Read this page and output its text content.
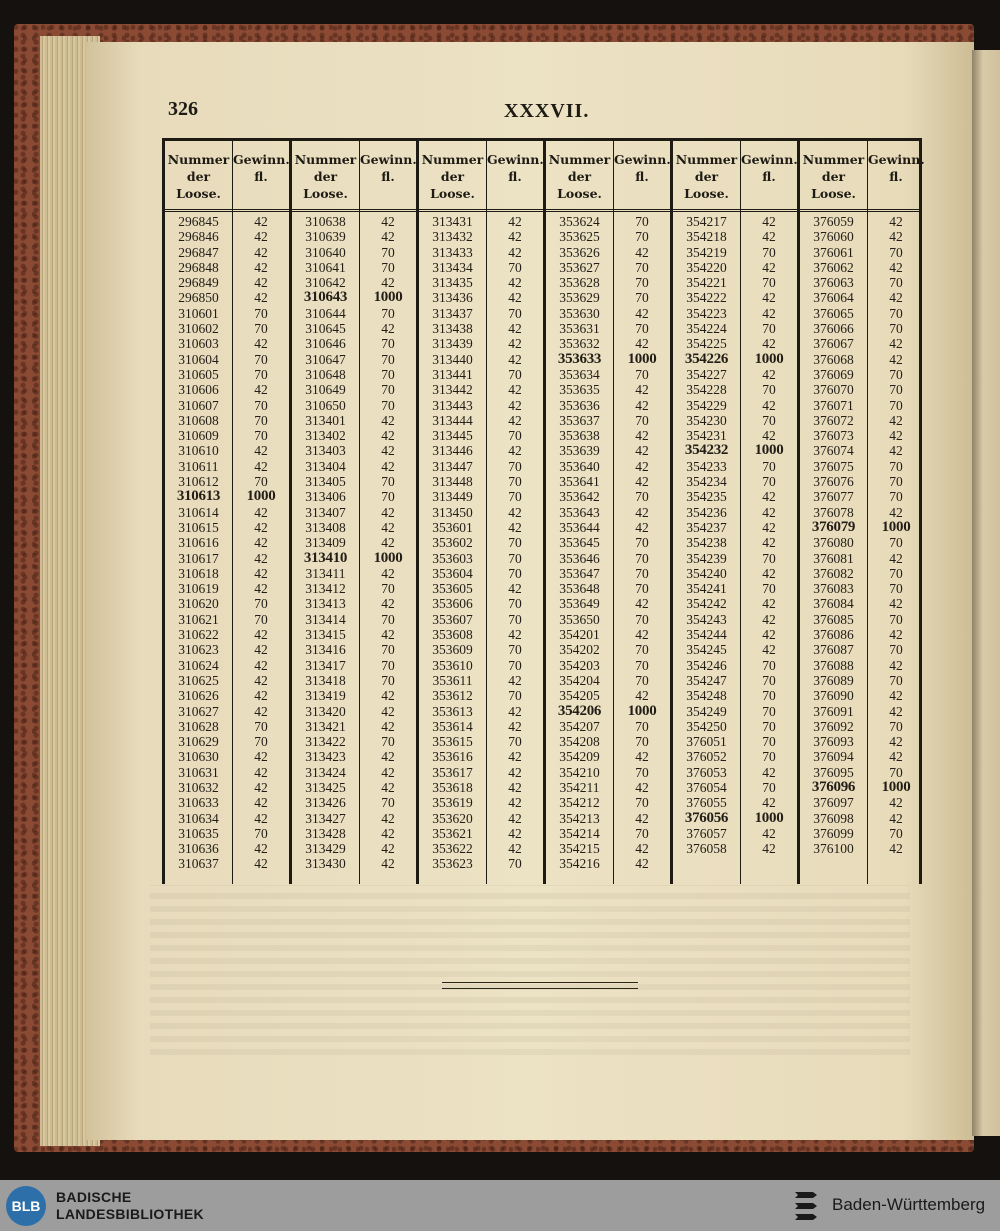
326	XXXVII.
Nummer
der Loose.
296845
296846
296847
296848
296849
296850
310601
310602
310603
310604
310605
310606
310607
310608
310609
310610
310611
310612
310613
310614
310615
310616
310617
310618
310619
310620
310621
310622
310623
310624
310625
310626
310627
310628
310629
310630
310631
310632
310633
310634
310635
310636
310637
Gewinn.
fl.
42
42
42
42
42
42
70
70
42
70
70
42
70
70
70
42
42
70
1000
42
42
42
42
42
42
70
70
42
42
42
42
42
42
70
70
42
42
42
42
42
70
42
42
Nummer
der Loose.
310638
310639
310640
310641
310642
310643
310644
310645
310646
310647
310648
310649
310650
313401
313402
313403
313404
313405
313406
313407
313408
313409
313410
313411
313412
313413
313414
313415
313416
313417
313418
313419
313420
313421
313422
313423
313424
313425
313426
313427
313428
313429
313430
Gewinn.
fl.
42
42
70
70
42
1000
70
42
70
70
70
70
70
42
42
42
42
70
70
42
42
42
1000
42
70
42
70
42
70
70
70
42
42
42
70
42
42
42
70
42
42
42
42
Nummer
der Loose.
313431
313432
313433
313434
313435
313436
313437
313438
313439
313440
313441
313442
313443
313444
313445
313446
313447
313448
313449
313450
353601
353602
353603
353604
353605
353606
353607
353608
353609
353610
353611
353612
353613
353614
353615
353616
353617
353618
353619
353620
353621
353622
353623
Gewinn.
fl.
42
42
42
70
42
42
70
42
42
42
70
42
42
42
70
42
70
70
70
42
42
70
70
70
42
70
70
42
70
70
42
70
42
42
70
42
42
42
42
42
42
42
70
Nummer
der Loose.
353624
353625
353626
353627
353628
353629
353630
353631
353632
353633
353634
353635
353636
353637
353638
353639
353640
353641
353642
353643
353644
353645
353646
353647
353648
353649
353650
354201
354202
354203
354204
354205
354206
354207
354208
354209
354210
354211
354212
354213
354214
354215
354216
Gewinn.
fl.
70
70
42
70
70
70
42
70
42
1000
70
42
42
70
42
42
42
42
70
42
42
70
70
70
70
42
70
42
70
70
70
42
1000
70
70
42
70
42
70
42
70
42
42
Nummer
der Loose.
354217
354218
354219
354220
354221
354222
354223
354224
354225
354226
354227
354228
354229
354230
354231
354232
354233
354234
354235
354236
354237
354238
354239
354240
354241
354242
354243
354244
354245
354246
354247
354248
354249
354250
376051
376052
376053
376054
376055
376056
376057
376058
Gewinn.
fl.
42
42
70
42
70
42
42
70
42
1000
42
70
42
70
42
1000
70
70
42
42
42
42
70
42
70
42
42
42
42
70
70
70
70
70
70
70
42
70
42
1000
42
42
Nummer
der Loose.
376059
376060
376061
376062
376063
376064
376065
376066
376067
376068
376069
376070
376071
376072
376073
376074
376075
376076
376077
376078
376079
376080
376081
376082
376083
376084
376085
376086
376087
376088
376089
376090
376091
376092
376093
376094
376095
376096
376097
376098
376099
376100
Gewinn.
fl.
42
42
70
42
70
42
70
70
42
42
70
70
70
42
42
42
70
70
70
42
1000
70
42
70
70
42
70
42
70
42
70
42
42
70
42
42
70
1000
42
42
70
42
BLB
BADISCHE
LANDESBIBLIOTHEK	Baden-Württemberg
